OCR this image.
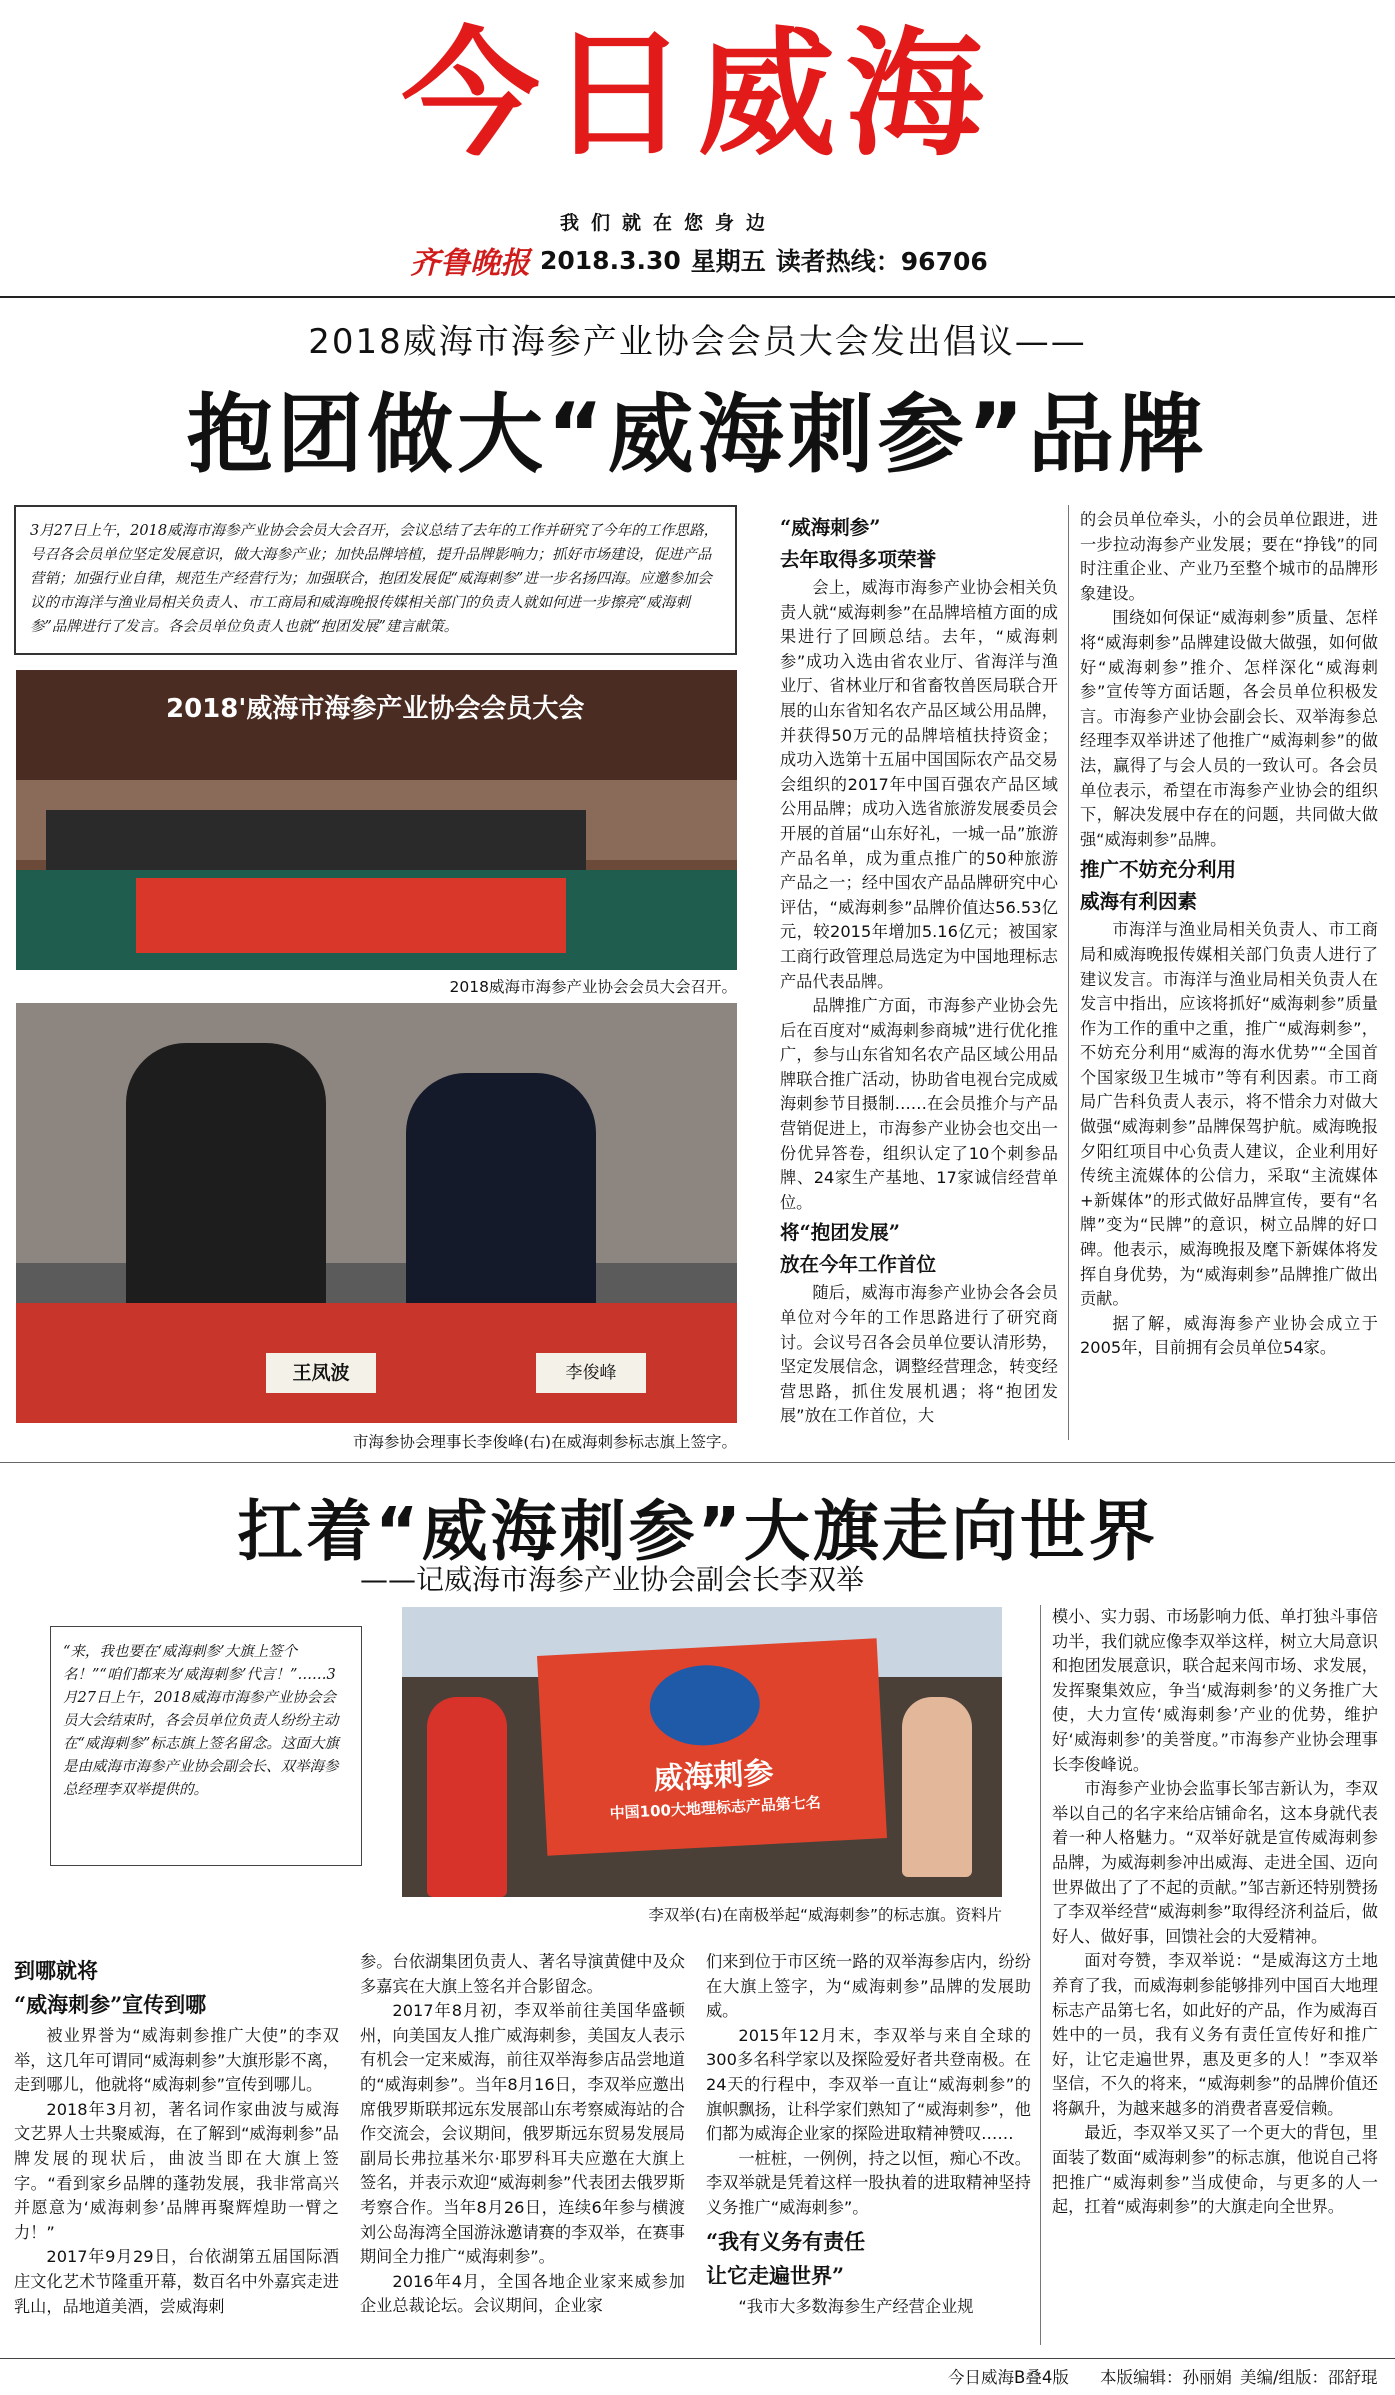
今日威海
我们就在您身边
齐鲁晚报 2018.3.30 星期五 读者热线：96706
2018威海市海参产业协会会员大会发出倡议——
抱团做大“威海刺参”品牌
3月27日上午，2018威海市海参产业协会会员大会召开，会议总结了去年的工作并研究了今年的工作思路，号召各会员单位坚定发展意识，做大海参产业；加快品牌培植，提升品牌影响力；抓好市场建设，促进产品营销；加强行业自律，规范生产经营行为；加强联合，抱团发展促“威海刺参”进一步名扬四海。应邀参加会议的市海洋与渔业局相关负责人、市工商局和威海晚报传媒相关部门的负责人就如何进一步擦亮“威海刺参”品牌进行了发言。各会员单位负责人也就“抱团发展”建言献策。
2018'威海市海参产业协会会员大会
2018威海市海参产业协会会员大会召开。
王凤波	李俊峰
市海参协会理事长李俊峰(右)在威海刺参标志旗上签字。
“威海刺参”
去年取得多项荣誉

会上，威海市海参产业协会相关负责人就“威海刺参”在品牌培植方面的成果进行了回顾总结。去年，“威海刺参”成功入选由省农业厅、省海洋与渔业厅、省林业厅和省畜牧兽医局联合开展的山东省知名农产品区域公用品牌，并获得50万元的品牌培植扶持资金；成功入选第十五届中国国际农产品交易会组织的2017年中国百强农产品区域公用品牌；成功入选省旅游发展委员会开展的首届“山东好礼，一城一品”旅游产品名单，成为重点推广的50种旅游产品之一；经中国农产品品牌研究中心评估，“威海刺参”品牌价值达56.53亿元，较2015年增加5.16亿元；被国家工商行政管理总局选定为中国地理标志产品代表品牌。

品牌推广方面，市海参产业协会先后在百度对“威海刺参商城”进行优化推广，参与山东省知名农产品区域公用品牌联合推广活动，协助省电视台完成威海刺参节目摄制……在会员推介与产品营销促进上，市海参产业协会也交出一份优异答卷，组织认定了10个刺参品牌、24家生产基地、17家诚信经营单位。

将“抱团发展”
放在今年工作首位

随后，威海市海参产业协会各会员单位对今年的工作思路进行了研究商讨。会议号召各会员单位要认清形势，坚定发展信念，调整经营理念，转变经营思路，抓住发展机遇；将“抱团发展”放在工作首位，大

的会员单位牵头，小的会员单位跟进，进一步拉动海参产业发展；要在“挣钱”的同时注重企业、产业乃至整个城市的品牌形象建设。

围绕如何保证“威海刺参”质量、怎样将“威海刺参”品牌建设做大做强，如何做好“威海刺参”推介、怎样深化“威海刺参”宣传等方面话题，各会员单位积极发言。市海参产业协会副会长、双举海参总经理李双举讲述了他推广“威海刺参”的做法，赢得了与会人员的一致认可。各会员单位表示，希望在市海参产业协会的组织下，解决发展中存在的问题，共同做大做强“威海刺参”品牌。

推广不妨充分利用
威海有利因素

市海洋与渔业局相关负责人、市工商局和威海晚报传媒相关部门负责人进行了建议发言。市海洋与渔业局相关负责人在发言中指出，应该将抓好“威海刺参”质量作为工作的重中之重，推广“威海刺参”，不妨充分利用“威海的海水优势”“全国首个国家级卫生城市”等有利因素。市工商局广告科负责人表示，将不惜余力对做大做强“威海刺参”品牌保驾护航。威海晚报夕阳红项目中心负责人建议，企业利用好传统主流媒体的公信力，采取“主流媒体+新媒体”的形式做好品牌宣传，要有“名牌”变为“民牌”的意识，树立品牌的好口碑。他表示，威海晚报及麾下新媒体将发挥自身优势，为“威海刺参”品牌推广做出贡献。

据了解，威海海参产业协会成立于2005年，目前拥有会员单位54家。

扛着“威海刺参”大旗走向世界
——记威海市海参产业协会副会长李双举
“来，我也要在‘威海刺参’大旗上签个名！”“咱们都来为‘威海刺参’代言！”……3月27日上午，2018威海市海参产业协会会员大会结束时，各会员单位负责人纷纷主动在“威海刺参”标志旗上签名留念。这面大旗是由威海市海参产业协会副会长、双举海参总经理李双举提供的。	威海刺参
中国100大地理标志产品第七名
李双举(右)在南极举起“威海刺参”的标志旗。资料片

模小、实力弱、市场影响力低、单打独斗事倍功半，我们就应像李双举这样，树立大局意识和抱团发展意识，联合起来闯市场、求发展，发挥聚集效应，争当‘威海刺参’的义务推广大使，大力宣传‘威海刺参’产业的优势，维护好‘威海刺参’的美誉度。”市海参产业协会理事长李俊峰说。

市海参产业协会监事长邹吉新认为，李双举以自己的名字来给店铺命名，这本身就代表着一种人格魅力。“双举好就是宣传威海刺参品牌，为威海刺参冲出威海、走进全国、迈向世界做出了了不起的贡献。”邹吉新还特别赞扬了李双举经营“威海刺参”取得经济利益后，做好人、做好事，回馈社会的大爱精神。

面对夸赞，李双举说：“是威海这方土地养育了我，而威海刺参能够排列中国百大地理标志产品第七名，如此好的产品，作为威海百姓中的一员，我有义务有责任宣传好和推广好，让它走遍世界，惠及更多的人！”李双举坚信，不久的将来，“威海刺参”的品牌价值还将飙升，为越来越多的消费者喜爱信赖。

最近，李双举又买了一个更大的背包，里面装了数面“威海刺参”的标志旗，他说自己将把推广“威海刺参”当成使命，与更多的人一起，扛着“威海刺参”的大旗走向全世界。

到哪就将
“威海刺参”宣传到哪

被业界誉为“威海刺参推广大使”的李双举，这几年可谓同“威海刺参”大旗形影不离，走到哪儿，他就将“威海刺参”宣传到哪儿。

2018年3月初，著名词作家曲波与威海文艺界人士共聚威海，在了解到“威海刺参”品牌发展的现状后，曲波当即在大旗上签字。“看到家乡品牌的蓬勃发展，我非常高兴并愿意为‘威海刺参’品牌再聚辉煌助一臂之力！”

2017年9月29日，台依湖第五届国际酒庄文化艺术节隆重开幕，数百名中外嘉宾走进乳山，品地道美酒，尝威海刺

参。台依湖集团负责人、著名导演黄健中及众多嘉宾在大旗上签名并合影留念。

2017年8月初，李双举前往美国华盛顿州，向美国友人推广威海刺参，美国友人表示有机会一定来威海，前往双举海参店品尝地道的“威海刺参”。当年8月16日，李双举应邀出席俄罗斯联邦远东发展部山东考察威海站的合作交流会，会议期间，俄罗斯远东贸易发展局副局长弗拉基米尔·耶罗科耳夫应邀在大旗上签名，并表示欢迎“威海刺参”代表团去俄罗斯考察合作。当年8月26日，连续6年参与横渡刘公岛海湾全国游泳邀请赛的李双举，在赛事期间全力推广“威海刺参”。

2016年4月，全国各地企业家来威参加企业总裁论坛。会议期间，企业家

们来到位于市区统一路的双举海参店内，纷纷在大旗上签字，为“威海刺参”品牌的发展助威。

2015年12月末，李双举与来自全球的300多名科学家以及探险爱好者共登南极。在24天的行程中，李双举一直让“威海刺参”的旗帜飘扬，让科学家们熟知了“威海刺参”，他们都为威海企业家的探险进取精神赞叹……

一桩桩，一例例，持之以恒，痴心不改。李双举就是凭着这样一股执着的进取精神坚持义务推广“威海刺参”。

“我有义务有责任
让它走遍世界”

“我市大多数海参生产经营企业规

今日威海B叠4版 本版编辑：孙丽娟 美编/组版：邵舒琨
